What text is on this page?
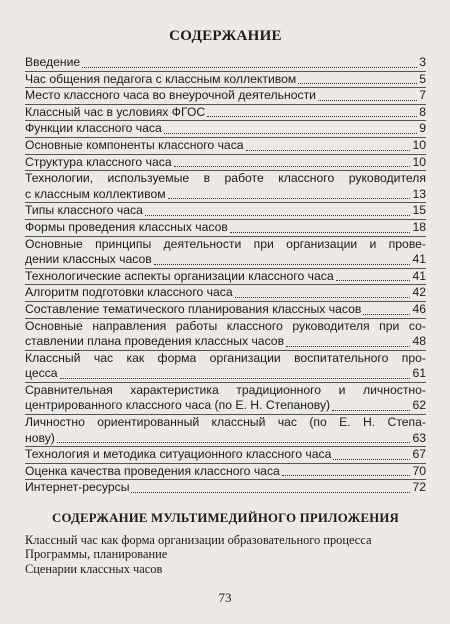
СОДЕРЖАНИЕ
Введение	3
Час общения педагога с классным коллективом	5
Место классного часа во внеурочной деятельности	7
Классный час в условиях ФГОС	8
Функции классного часа	9
Основные компоненты классного часа	10
Структура классного часа	10
Технологии, используемые в работе классного руководителя
с классным коллективом	13
Типы классного часа	15
Формы проведения классных часов	18
Основные принципы деятельности при организации и прове-
дении классных часов	41
Технологические аспекты организации классного часа	41
Алгоритм подготовки классного часа	42
Составление тематического планирования классных часов	46
Основные направления работы классного руководителя при со-
ставлении плана проведения классных часов	48
Классный час как форма организации воспитательного про-
цесса	61
Сравнительная характеристика традиционного и личностно-
центрированного классного часа (по Е. Н. Степанову)	62
Личностно ориентированный классный час (по Е. Н. Степа-
нову)	63
Технология и методика ситуационного классного часа	67
Оценка качества проведения классного часа	70
Интернет-ресурсы	72
СОДЕРЖАНИЕ МУЛЬТИМЕДИЙНОГО ПРИЛОЖЕНИЯ
Классный час как форма организации образовательного процесса
Программы, планирование
Сценарии классных часов
73
